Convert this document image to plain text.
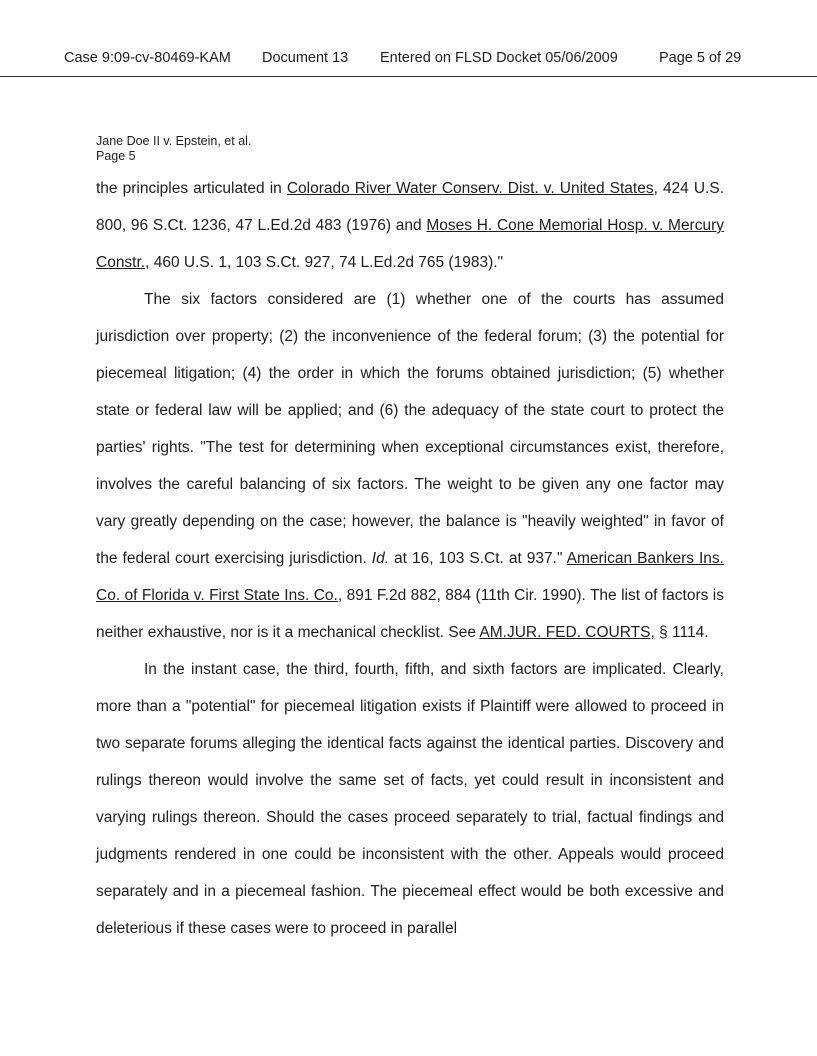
Case 9:09-cv-80469-KAM Document 13 Entered on FLSD Docket 05/06/2009	Page 5 of 29
Jane Doe II v. Epstein, et al.
Page 5

the principles articulated in Colorado River Water Conserv. Dist. v. United States, 424 U.S. 800, 96 S.Ct. 1236, 47 L.Ed.2d 483 (1976) and Moses H. Cone Memorial Hosp. v. Mercury Constr., 460 U.S. 1, 103 S.Ct. 927, 74 L.Ed.2d 765 (1983)."

The six factors considered are (1) whether one of the courts has assumed jurisdiction over property; (2) the inconvenience of the federal forum; (3) the potential for piecemeal litigation; (4) the order in which the forums obtained jurisdiction; (5) whether state or federal law will be applied; and (6) the adequacy of the state court to protect the parties' rights. "The test for determining when exceptional circumstances exist, therefore, involves the careful balancing of six factors. The weight to be given any one factor may vary greatly depending on the case; however, the balance is "heavily weighted" in favor of the federal court exercising jurisdiction. Id. at 16, 103 S.Ct. at 937." American Bankers Ins. Co. of Florida v. First State Ins. Co., 891 F.2d 882, 884 (11th Cir. 1990). The list of factors is neither exhaustive, nor is it a mechanical checklist. See AM.JUR. FED. COURTS, § 1114.

In the instant case, the third, fourth, fifth, and sixth factors are implicated. Clearly, more than a "potential" for piecemeal litigation exists if Plaintiff were allowed to proceed in two separate forums alleging the identical facts against the identical parties. Discovery and rulings thereon would involve the same set of facts, yet could result in inconsistent and varying rulings thereon. Should the cases proceed separately to trial, factual findings and judgments rendered in one could be inconsistent with the other. Appeals would proceed separately and in a piecemeal fashion. The piecemeal effect would be both excessive and deleterious if these cases were to proceed in parallel
